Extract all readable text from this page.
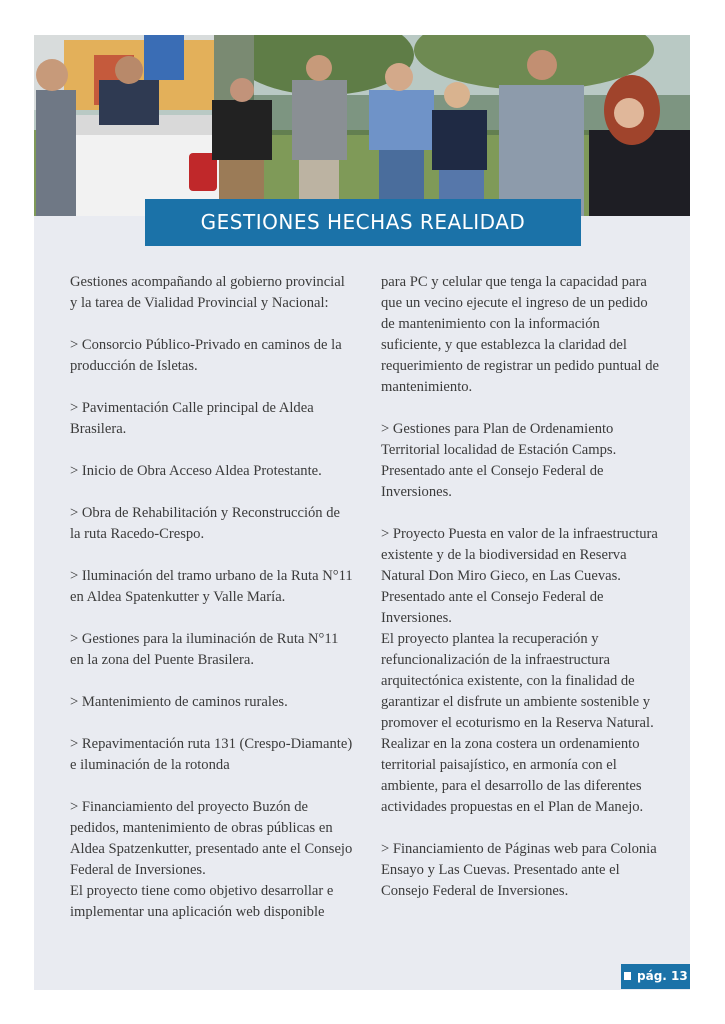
GESTIONES HECHAS REALIDAD

Gestiones acompañando al gobierno provincial y la tarea de Vialidad Provincial y Nacional:

> Consorcio Público-Privado en caminos de la producción de Isletas.

> Pavimentación Calle principal de Aldea Brasilera.

> Inicio de Obra Acceso Aldea Protestante.

> Obra de Rehabilitación y Reconstrucción de la ruta Racedo-Crespo.

> Iluminación del tramo urbano de la Ruta N°11 en Aldea Spatenkutter y Valle María.

> Gestiones para la iluminación de Ruta N°11 en la zona del Puente Brasilera.

> Mantenimiento de caminos rurales.

> Repavimentación ruta 131 (Crespo-Diamante) e iluminación de la rotonda

> Financiamiento del proyecto Buzón de pedidos, mantenimiento de obras públicas en Aldea Spatzenkutter, presentado ante el Consejo Federal de Inversiones.

El proyecto tiene como objetivo desarrollar e implementar una aplicación web disponible

para PC y celular que tenga la capacidad para que un vecino ejecute el ingreso de un pedido de mantenimiento con la información suficiente, y que establezca la claridad del requerimiento de registrar un pedido puntual de mantenimiento.

> Gestiones para Plan de Ordenamiento Territorial localidad de Estación Camps. Presentado ante el Consejo Federal de Inversiones.

> Proyecto Puesta en valor de la infraestructura existente y de la biodiversidad en Reserva Natural Don Miro Gieco, en Las Cuevas. Presentado ante el Consejo Federal de Inversiones.

El proyecto plantea la recuperación y refuncionalización de la infraestructura arquitectónica existente, con la finalidad de garantizar el disfrute un ambiente sostenible y promover el ecoturismo en la Reserva Natural. Realizar en la zona costera un ordenamiento territorial paisajístico, en armonía con el ambiente, para el desarrollo de las diferentes actividades propuestas en el Plan de Manejo.

> Financiamiento de Páginas web para Colonia Ensayo y Las Cuevas. Presentado ante el Consejo Federal de Inversiones.

pág. 13
